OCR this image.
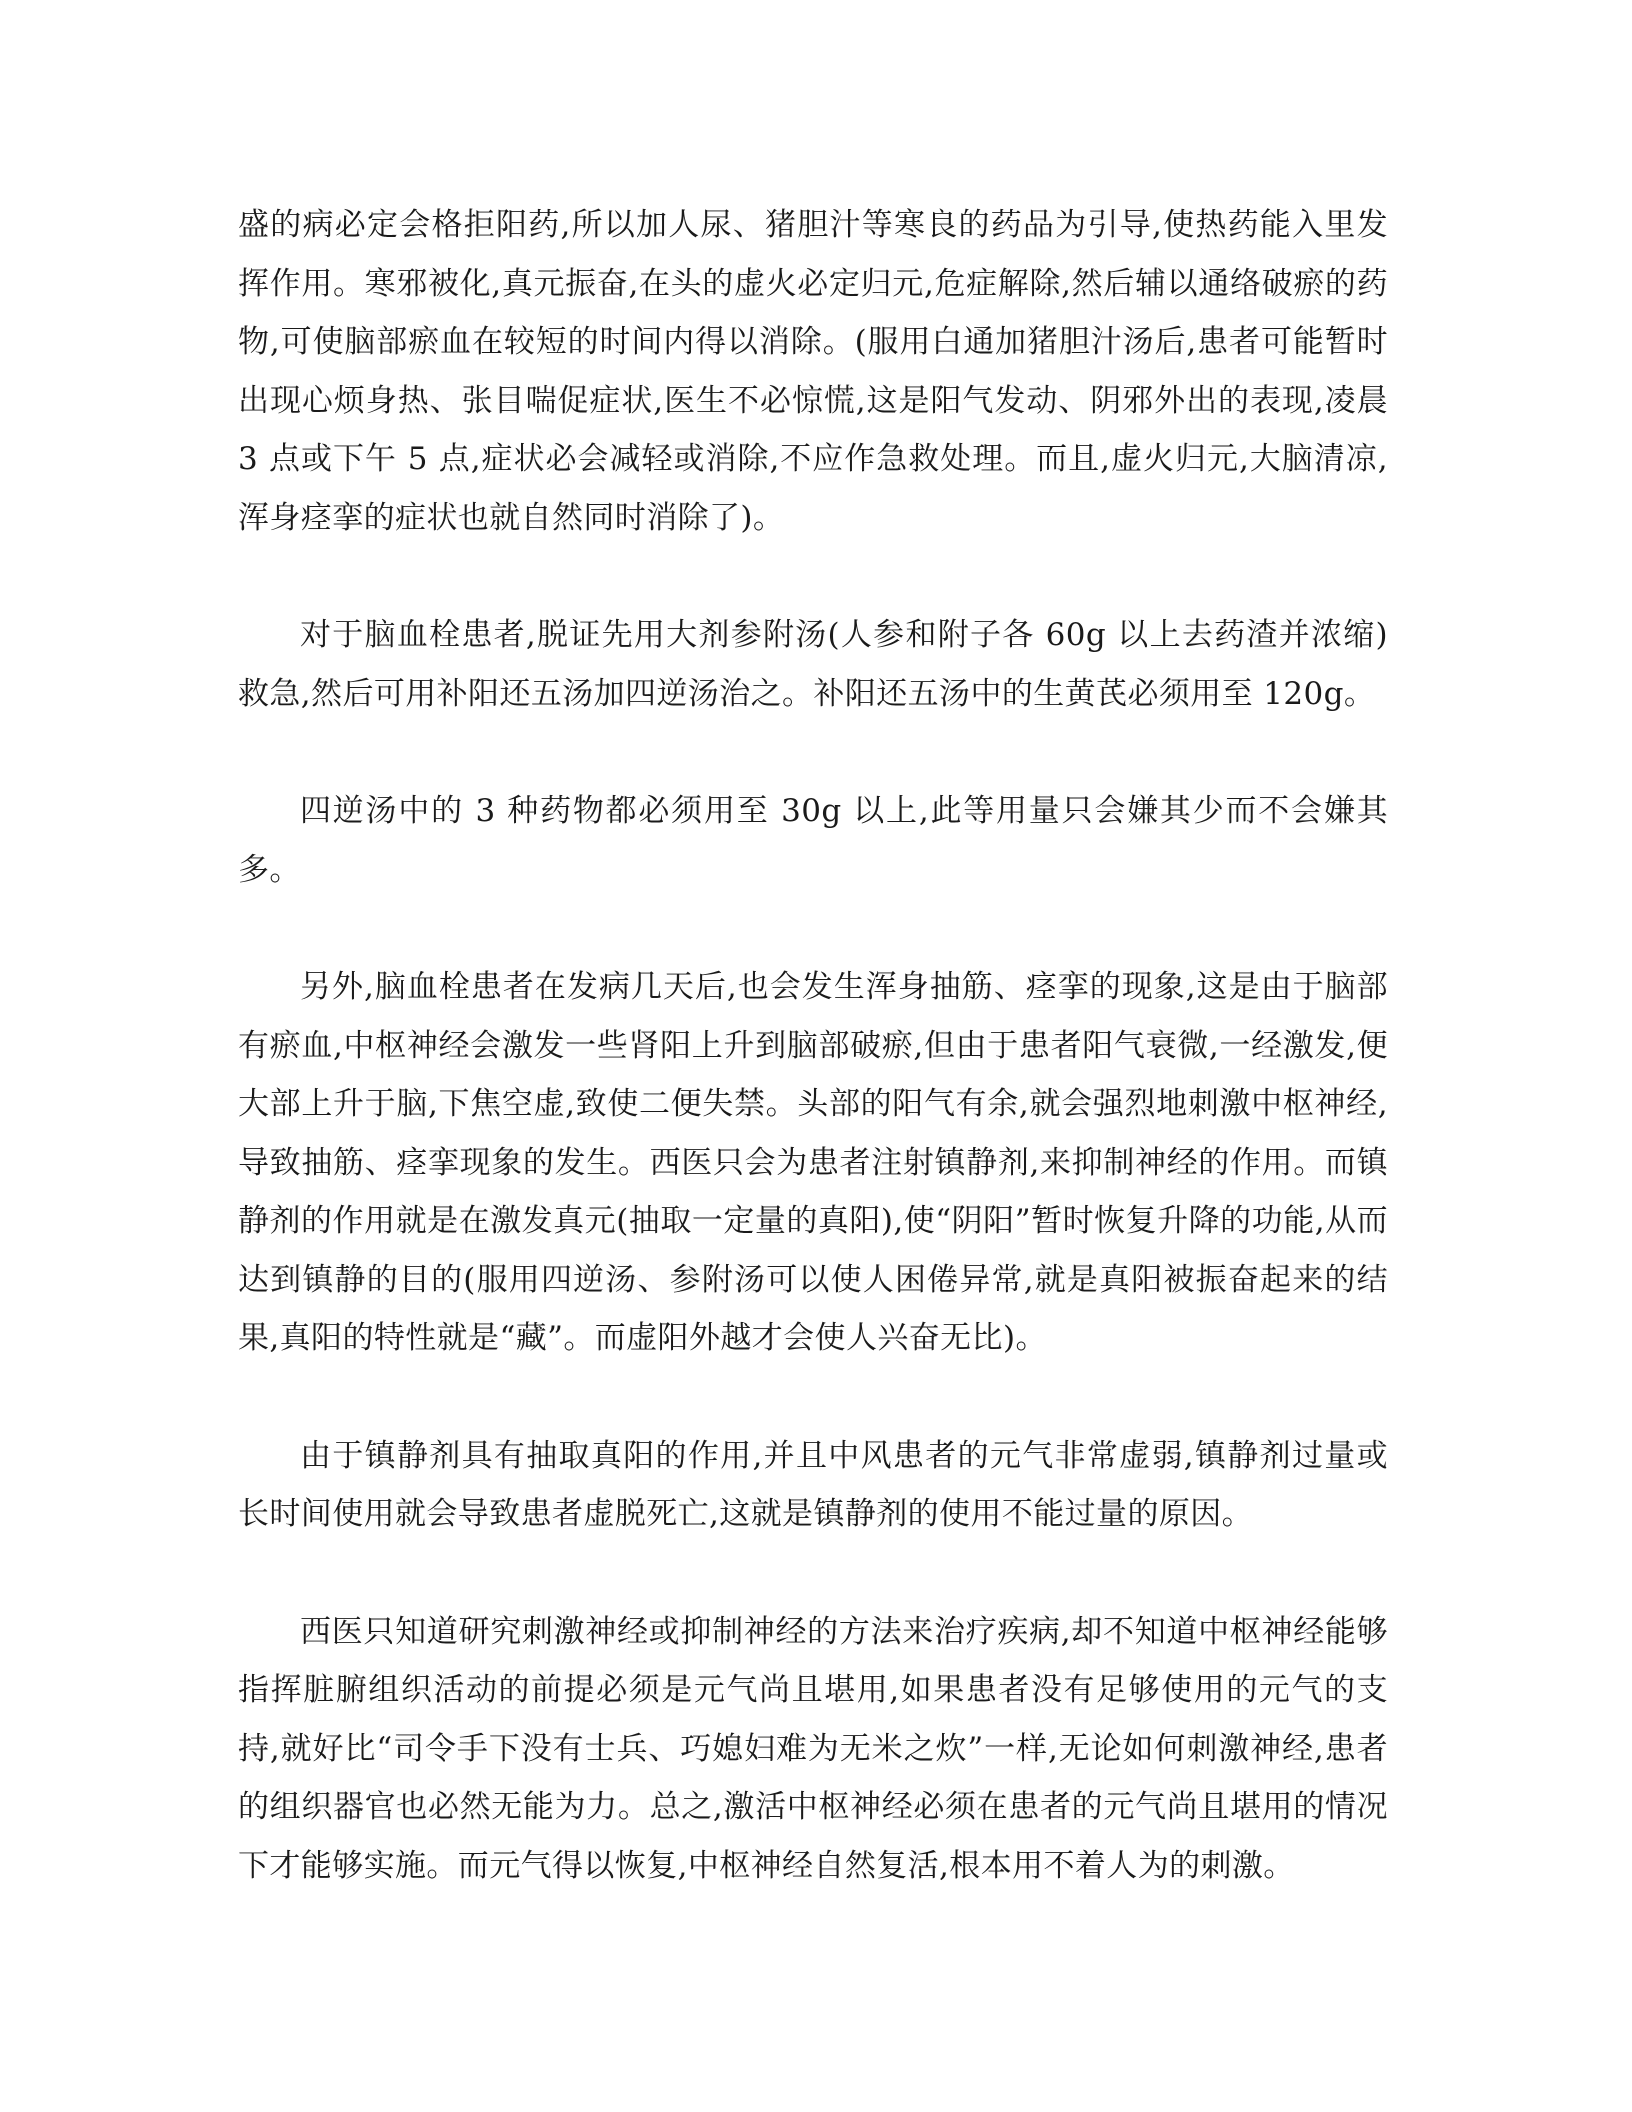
盛的病必定会格拒阳药,所以加人尿、猪胆汁等寒良的药品为引导,使热药能入里发挥作用。寒邪被化,真元振奋,在头的虚火必定归元,危症解除,然后辅以通络破瘀的药物,可使脑部瘀血在较短的时间内得以消除。(服用白通加猪胆汁汤后,患者可能暂时出现心烦身热、张目喘促症状,医生不必惊慌,这是阳气发动、阴邪外出的表现,凌晨 3 点或下午 5 点,症状必会减轻或消除,不应作急救处理。而且,虚火归元,大脑清凉,浑身痉挛的症状也就自然同时消除了)。

对于脑血栓患者,脱证先用大剂参附汤(人参和附子各 60g 以上去药渣并浓缩)救急,然后可用补阳还五汤加四逆汤治之。补阳还五汤中的生黄芪必须用至 120g。

四逆汤中的 3 种药物都必须用至 30g 以上,此等用量只会嫌其少而不会嫌其多。

另外,脑血栓患者在发病几天后,也会发生浑身抽筋、痉挛的现象,这是由于脑部有瘀血,中枢神经会激发一些肾阳上升到脑部破瘀,但由于患者阳气衰微,一经激发,便大部上升于脑,下焦空虚,致使二便失禁。头部的阳气有余,就会强烈地刺激中枢神经,导致抽筋、痉挛现象的发生。西医只会为患者注射镇静剂,来抑制神经的作用。而镇静剂的作用就是在激发真元(抽取一定量的真阳),使“阴阳”暂时恢复升降的功能,从而达到镇静的目的(服用四逆汤、参附汤可以使人困倦异常,就是真阳被振奋起来的结果,真阳的特性就是“藏”。而虚阳外越才会使人兴奋无比)。

由于镇静剂具有抽取真阳的作用,并且中风患者的元气非常虚弱,镇静剂过量或长时间使用就会导致患者虚脱死亡,这就是镇静剂的使用不能过量的原因。

西医只知道研究刺激神经或抑制神经的方法来治疗疾病,却不知道中枢神经能够指挥脏腑组织活动的前提必须是元气尚且堪用,如果患者没有足够使用的元气的支持,就好比“司令手下没有士兵、巧媳妇难为无米之炊”一样,无论如何刺激神经,患者的组织器官也必然无能为力。总之,激活中枢神经必须在患者的元气尚且堪用的情况下才能够实施。而元气得以恢复,中枢神经自然复活,根本用不着人为的刺激。
